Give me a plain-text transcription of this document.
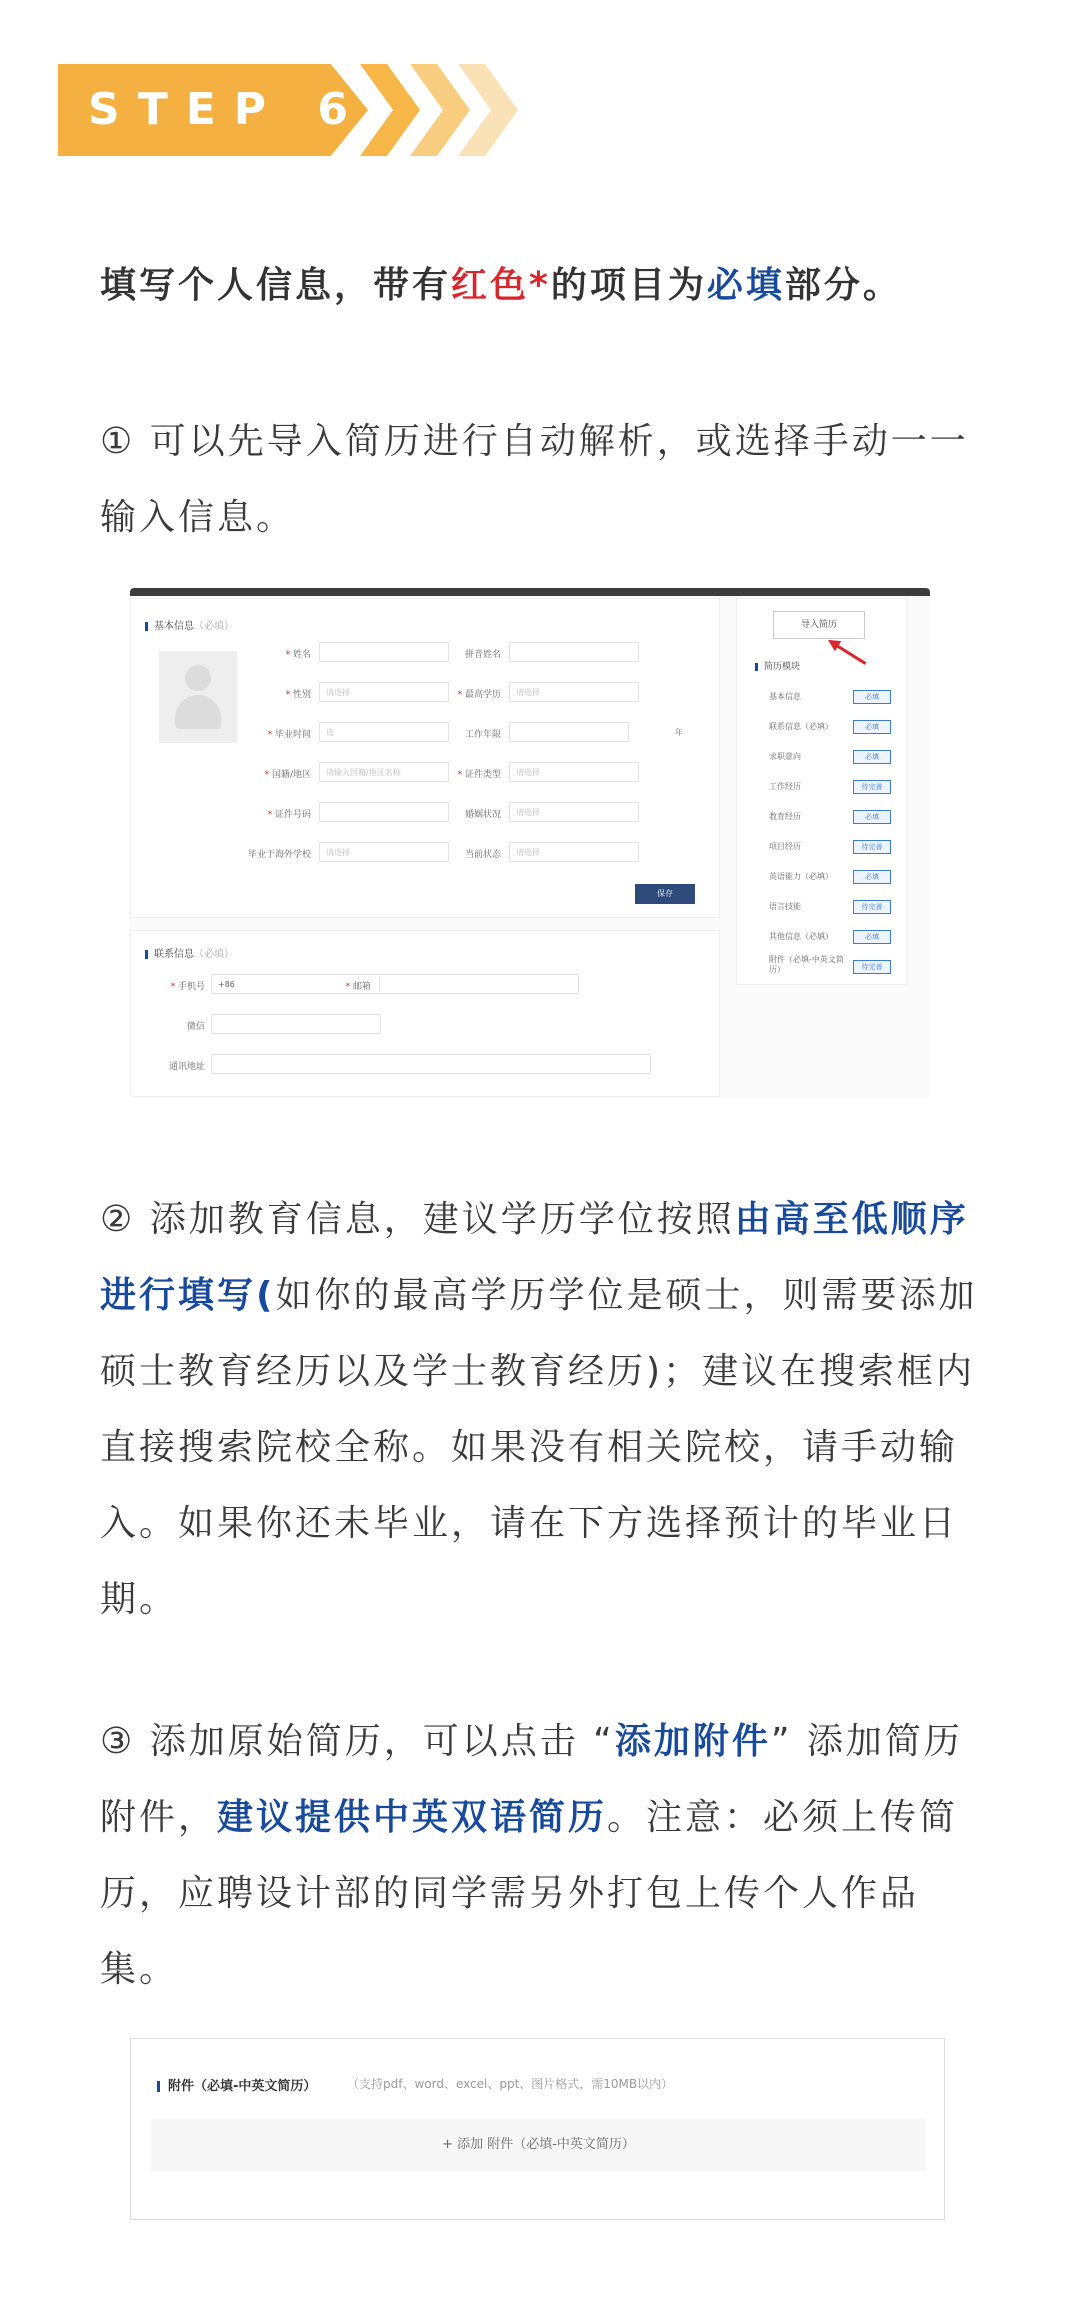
STEP 6

填写个人信息，带有红色*的项目为必填部分。

① 可以先导入简历进行自动解析，或选择手动一一输入信息。

基本信息（必填）
* 姓名	拼音姓名
* 性别	请选择	* 最高学历	请选择
* 毕业时间	选	工作年限	年
* 国籍/地区	请输入国籍/地区名称	* 证件类型	请选择
* 证件号码	婚姻状况	请选择
毕业于海外学校	请选择	当前状态	请选择
保存
联系信息（必填）
* 手机号	+86	* 邮箱
微信
通讯地址
导入简历
简历模块
基本信息	必填
联系信息（必填）	必填
求职意向	必填
工作经历	待完善
教育经历	必填
项目经历	待完善
英语能力（必填）	必填
语言技能	待完善
其他信息（必填）	必填
附件（必填-中英文简历）	待完善

② 添加教育信息，建议学历学位按照由高至低顺序进行填写(如你的最高学历学位是硕士，则需要添加硕士教育经历以及学士教育经历)；建议在搜索框内直接搜索院校全称。如果没有相关院校，请手动输入。如果你还未毕业，请在下方选择预计的毕业日期。

③ 添加原始简历，可以点击 “添加附件” 添加简历附件，建议提供中英双语简历。注意：必须上传简历，应聘设计部的同学需另外打包上传个人作品集。

附件（必填-中英文简历）	（支持pdf、word、excel、ppt、图片格式，需10MB以内）
+ 添加 附件（必填-中英文简历）
